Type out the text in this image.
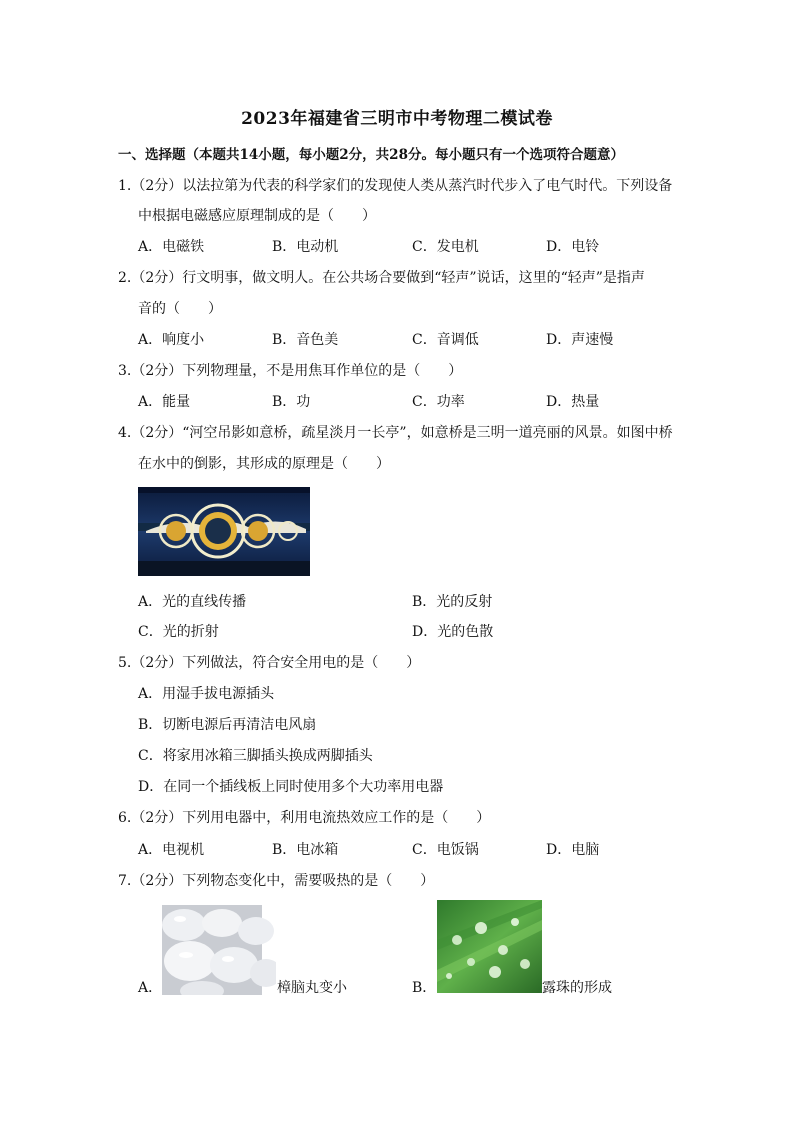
2023年福建省三明市中考物理二模试卷
一、选择题（本题共14小题，每小题2分，共28分。每小题只有一个选项符合题意）
1.（2分）以法拉第为代表的科学家们的发现使人类从蒸汽时代步入了电气时代。下列设备
中根据电磁感应原理制成的是（　　）
A．电磁铁	B．电动机	C．发电机	D．电铃
2.（2分）行文明事，做文明人。在公共场合要做到“轻声”说话，这里的“轻声”是指声
音的（　　）
A．响度小	B．音色美	C．音调低	D．声速慢
3.（2分）下列物理量，不是用焦耳作单位的是（　　）
A．能量	B．功	C．功率	D．热量
4.（2分）“河空吊影如意桥，疏星淡月一长亭”，如意桥是三明一道亮丽的风景。如图中桥
在水中的倒影，其形成的原理是（　　）
A．光的直线传播	B．光的反射
C．光的折射	D．光的色散
5.（2分）下列做法，符合安全用电的是（　　）
A．用湿手拔电源插头
B．切断电源后再清洁电风扇
C．将家用冰箱三脚插头换成两脚插头
D．在同一个插线板上同时使用多个大功率用电器
6.（2分）下列用电器中，利用电流热效应工作的是（　　）
A．电视机	B．电冰箱	C．电饭锅	D．电脑
7.（2分）下列物态变化中，需要吸热的是（　　）
A．	樟脑丸变小	B．	露珠的形成
